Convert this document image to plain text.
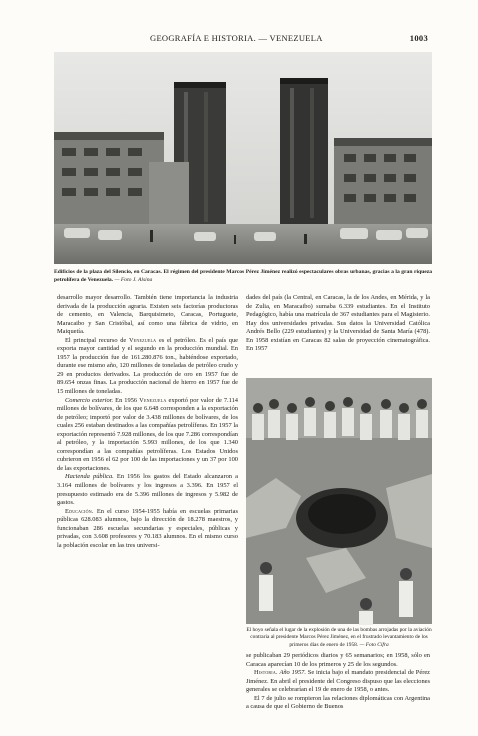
GEOGRAFÍA E HISTORIA. — VENEZUELA	1003
Edificios de la plaza del Silencio, en Caracas. El régimen del presidente Marcos Pérez Jiménez realizó espectaculares obras urbanas, gracias a la gran riqueza petrolífera de Venezuela. — Foto J. Alsina

desarrollo mayor desarrollo. También tiene importancia la industria derivada de la producción agraria. Existen seis factorías productoras de cemento, en Valencia, Barquisimeto, Caracas, Portuguete, Maracaibo y San Cristóbal, así como una fábrica de vidrio, en Maiquetía.

El principal recurso de Venezuela es el petróleo. Es el país que exporta mayor cantidad y el segundo en la producción mundial. En 1957 la producción fue de 161.280.876 ton., habiéndose exportado, durante ese mismo año, 120 millones de toneladas de petróleo crudo y 29 en productos derivados. La producción de oro en 1957 fue de 89.654 onzas finas. La producción nacional de hierro en 1957 fue de 15 millones de toneladas.

Comercio exterior. En 1956 Venezuela exportó por valor de 7.114 millones de bolívares, de los que 6.648 corresponden a la exportación de petróleo; importó por valor de 3.438 millones de bolívares, de los cuales 256 estaban destinados a las compañías petrolíferas. En 1957 la exportación representó 7.928 millones, de los que 7.286 correspondían al petróleo, y la importación 5.993 millones, de los que 1.340 correspondían a las compañías petrolíferas. Los Estados Unidos cubrieron en 1956 el 62 por 100 de las importaciones y un 37 por 100 de las exportaciones.

Hacienda pública. En 1956 los gastos del Estado alcanzaron a 3.164 millones de bolívares y los ingresos a 3.396. En 1957 el presupuesto estimado era de 5.396 millones de ingresos y 5.982 de gastos.

Educación. En el curso 1954-1955 había en escuelas primarias públicas 628.083 alumnos, bajo la dirección de 18.278 maestros, y funcionaban 286 escuelas secundarias y especiales, públicas y privadas, con 3.608 profesores y 70.183 alumnos. En el mismo curso la población escolar en las tres universi-

dades del país (la Central, en Caracas, la de los Andes, en Mérida, y la de Zulia, en Maracaibo) sumaba 6.339 estudiantes. En el Instituto Pedagógico, había una matrícula de 367 estudiantes para el Magisterio. Hay dos universidades privadas. Sus datos la Universidad Católica Andrés Bello (229 estudiantes) y la Universidad de Santa María (478). En 1958 existían en Caracas 82 salas de proyección cinematográfica. En 1957

El hoyo señala el lugar de la explosión de una de las bombas arrojadas por la aviación contraria al presidente Marcos Pérez Jiménez, en el frustrado levantamiento de los primeros días de enero de 1958. — Foto Cifra

se publicaban 29 periódicos diarios y 65 semanarios; en 1958, sólo en Caracas aparecían 10 de los primeros y 25 de los segundos.

Historia. Año 1957. Se inicia bajo el mandato presidencial de Pérez Jiménez. En abril el presidente del Congreso dispuso que las elecciones generales se celebrarían el 19 de enero de 1958, o antes.

El 7 de julio se rompieron las relaciones diplomáticas con Argentina a causa de que el Gobierno de Buenos
